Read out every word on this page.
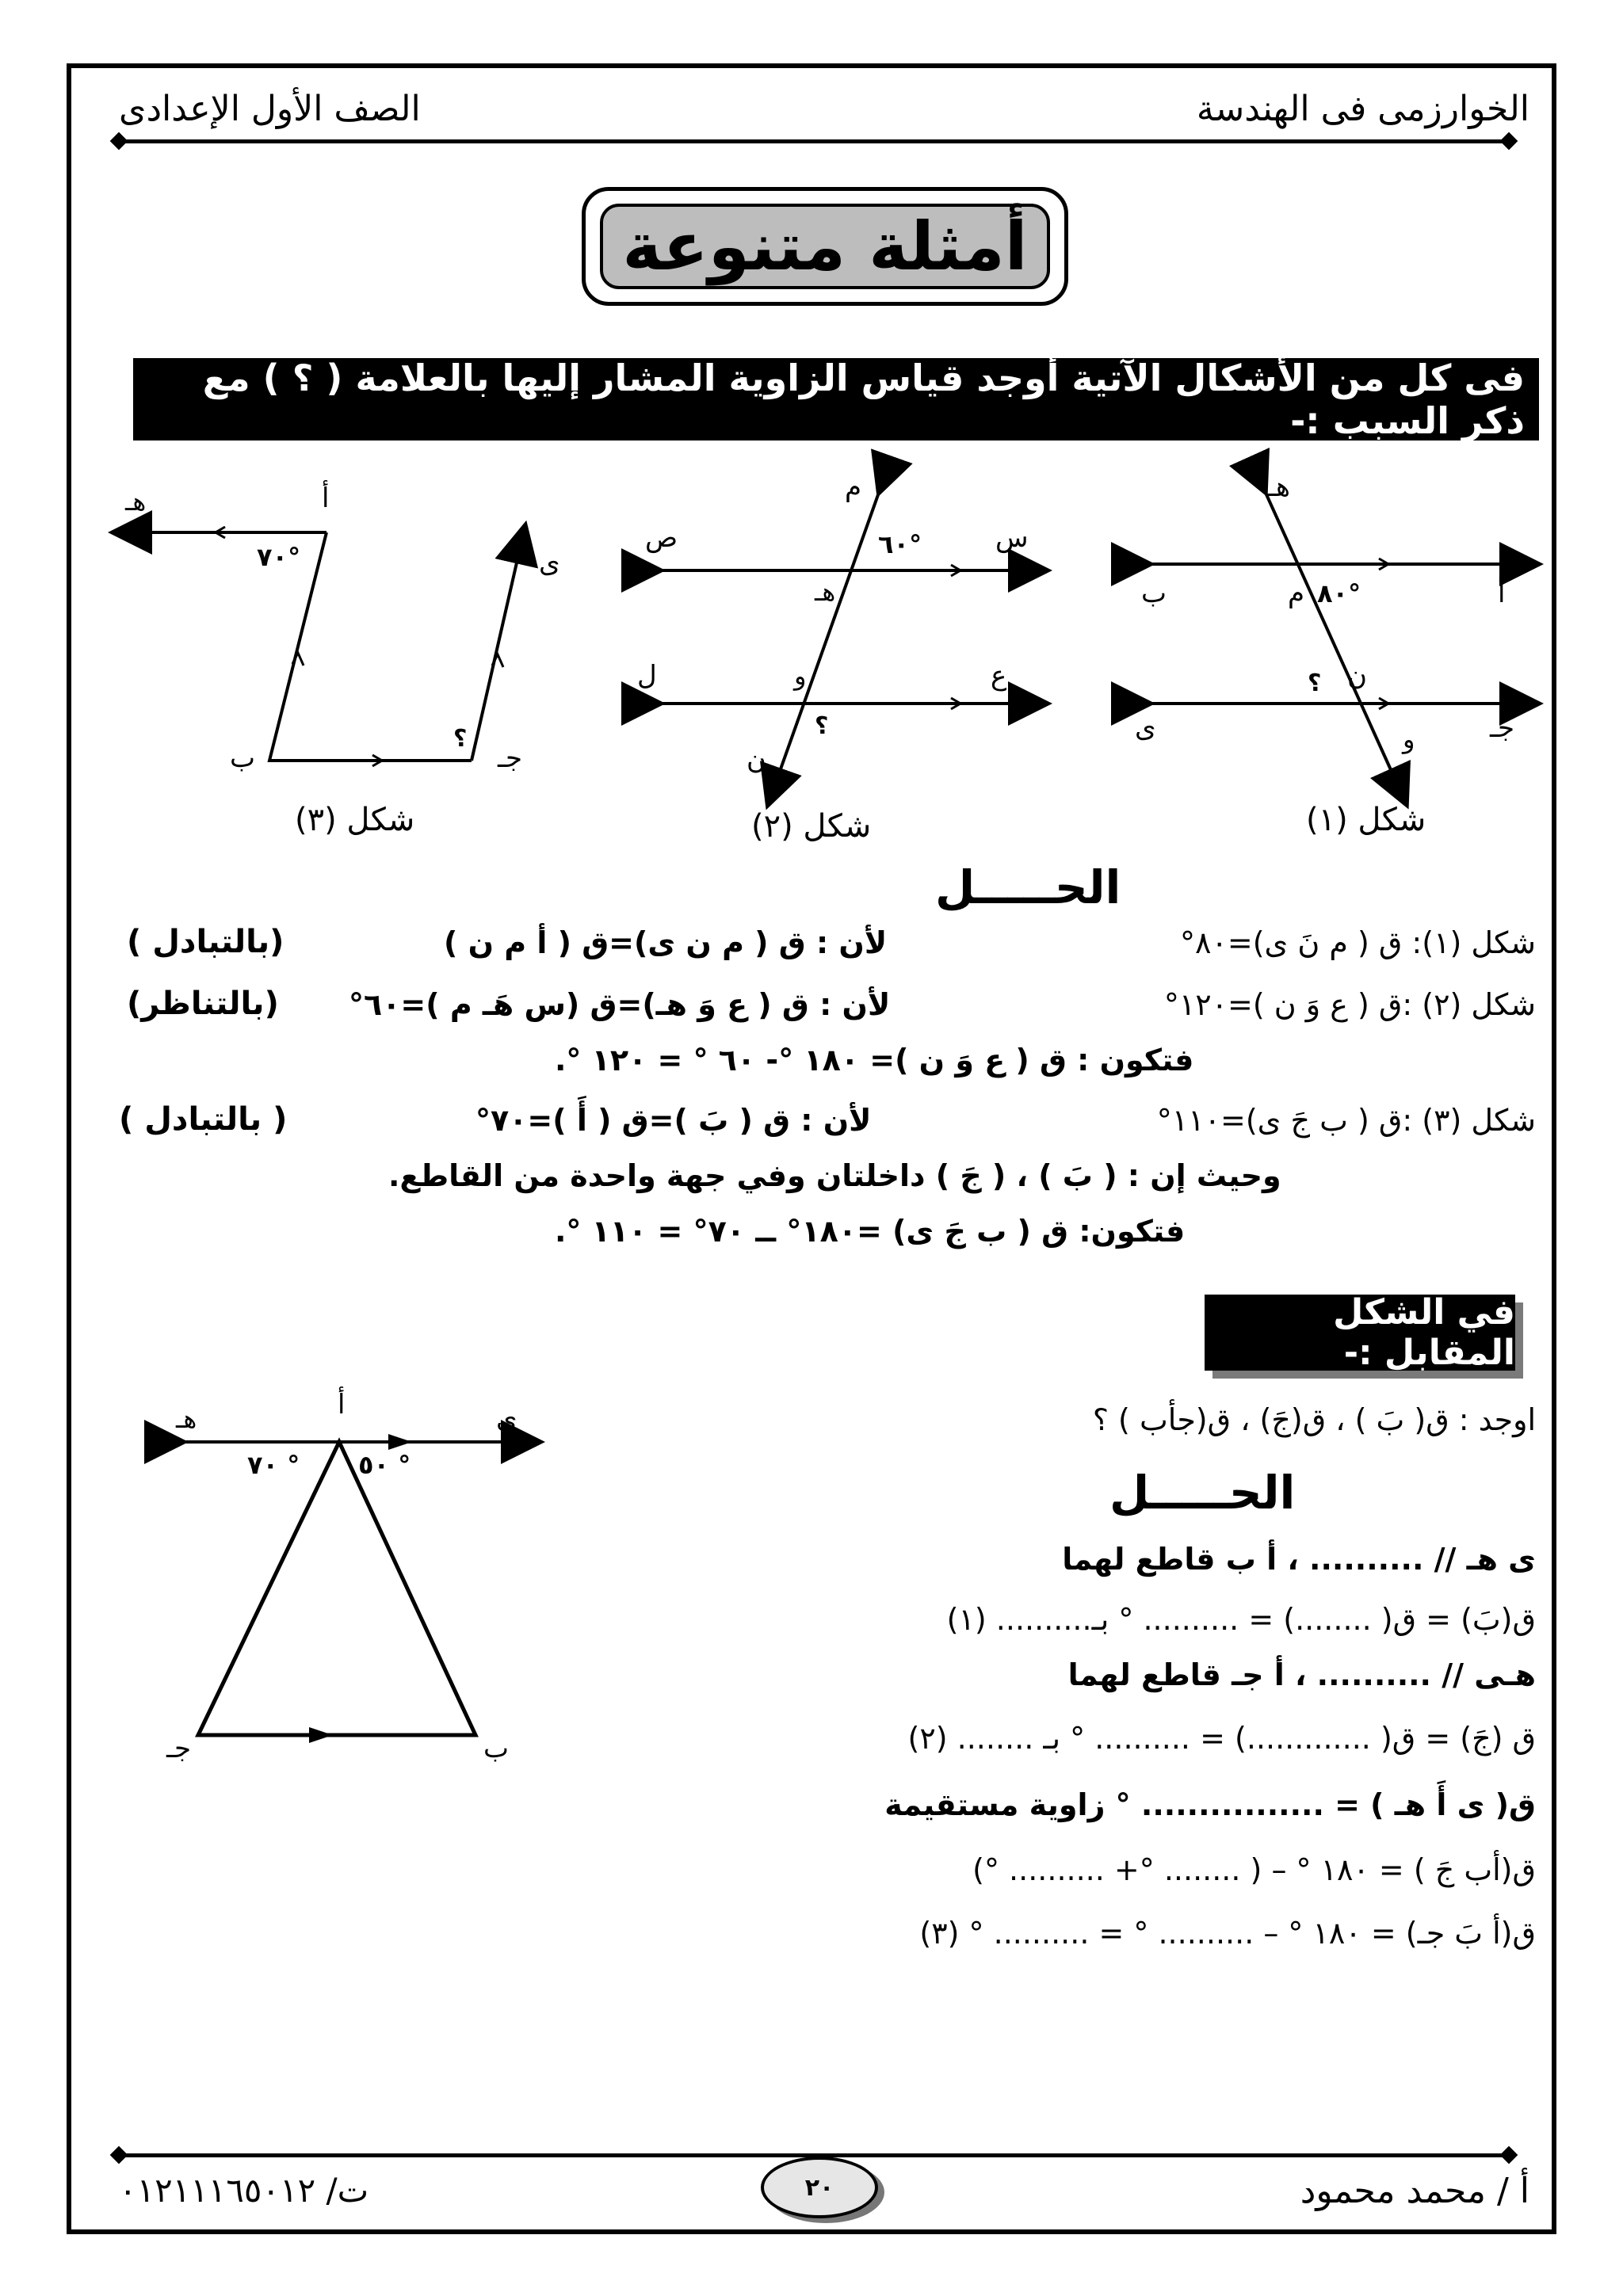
الخوارزمى فى الهندسة
الصف الأول الإعدادى
أمثلة متنوعة
فى كل من الأشكال الآتية أوجد قياس الزاوية المشار إليها بالعلامة ( ؟ ) مع ذكر السبب :-
هـ
أ
ب	م ٨٠°
ن
؟
جـ
ى	و
شكل (١)
م
س
ص	٦٠°
هـ
ل	و	ع
؟
ن
شكل (٢)
هـ	أ
٧٠°	ى
ب	جـ
؟
شكل (٣)
الحـــــل
شكل (١): ق ( م نَ ى)=٨٠°
لأن : ق ( م ن ى)=ق ( أ م ن )
(بالتبادل )
شكل (٢) :ق ( ع وَ ن )=١٢٠°
لأن : ق ( ع وَ هـ)=ق (س هَـ م )=٦٠°
(بالتناظر)
فتكون : ق ( ع وَ ن )= ١٨٠ °- ٦٠ ° = ١٢٠ °.
شكل (٣) :ق ( ب جَ ى)=١١٠°
لأن : ق ( بَ )=ق ( أَ )=٧٠°
( بالتبادل )
وحيث إن : ( بَ ) ، ( جَ ) داخلتان وفي جهة واحدة من القاطع.
فتكون: ق ( ب جَ ى) =١٨٠° ــ ٧٠° = ١١٠ °.
في الشكل المقابل :-
اوجد : ق( بَ ) ، ق(جَ) ، ق(جأب ) ؟
الحـــــل
ى هـ // .......... ، أ ب قاطع لهما
ق(بَ) = ق( ........) = .......... ° بـ.......... (١)
هـى // .......... ، أ جـ قاطع لهما
ق (جَ) = ق( .............) = .......... ° بـ ........ (٢)
ق( ى أَ هـ ) = ................ ° زاوية مستقيمة
ق(أب جَ ) = ١٨٠ ° – ( ........ °+ .......... °)
ق(أ بَ جـ) = ١٨٠ ° – .......... ° = .......... ° (٣)
هـ	أ	ى
٧٠ ° ٥٠ °
جـ	ب
أ / محمد محمود
٢٠
ت/ ٠١٢١١١٦٥٠١٢
